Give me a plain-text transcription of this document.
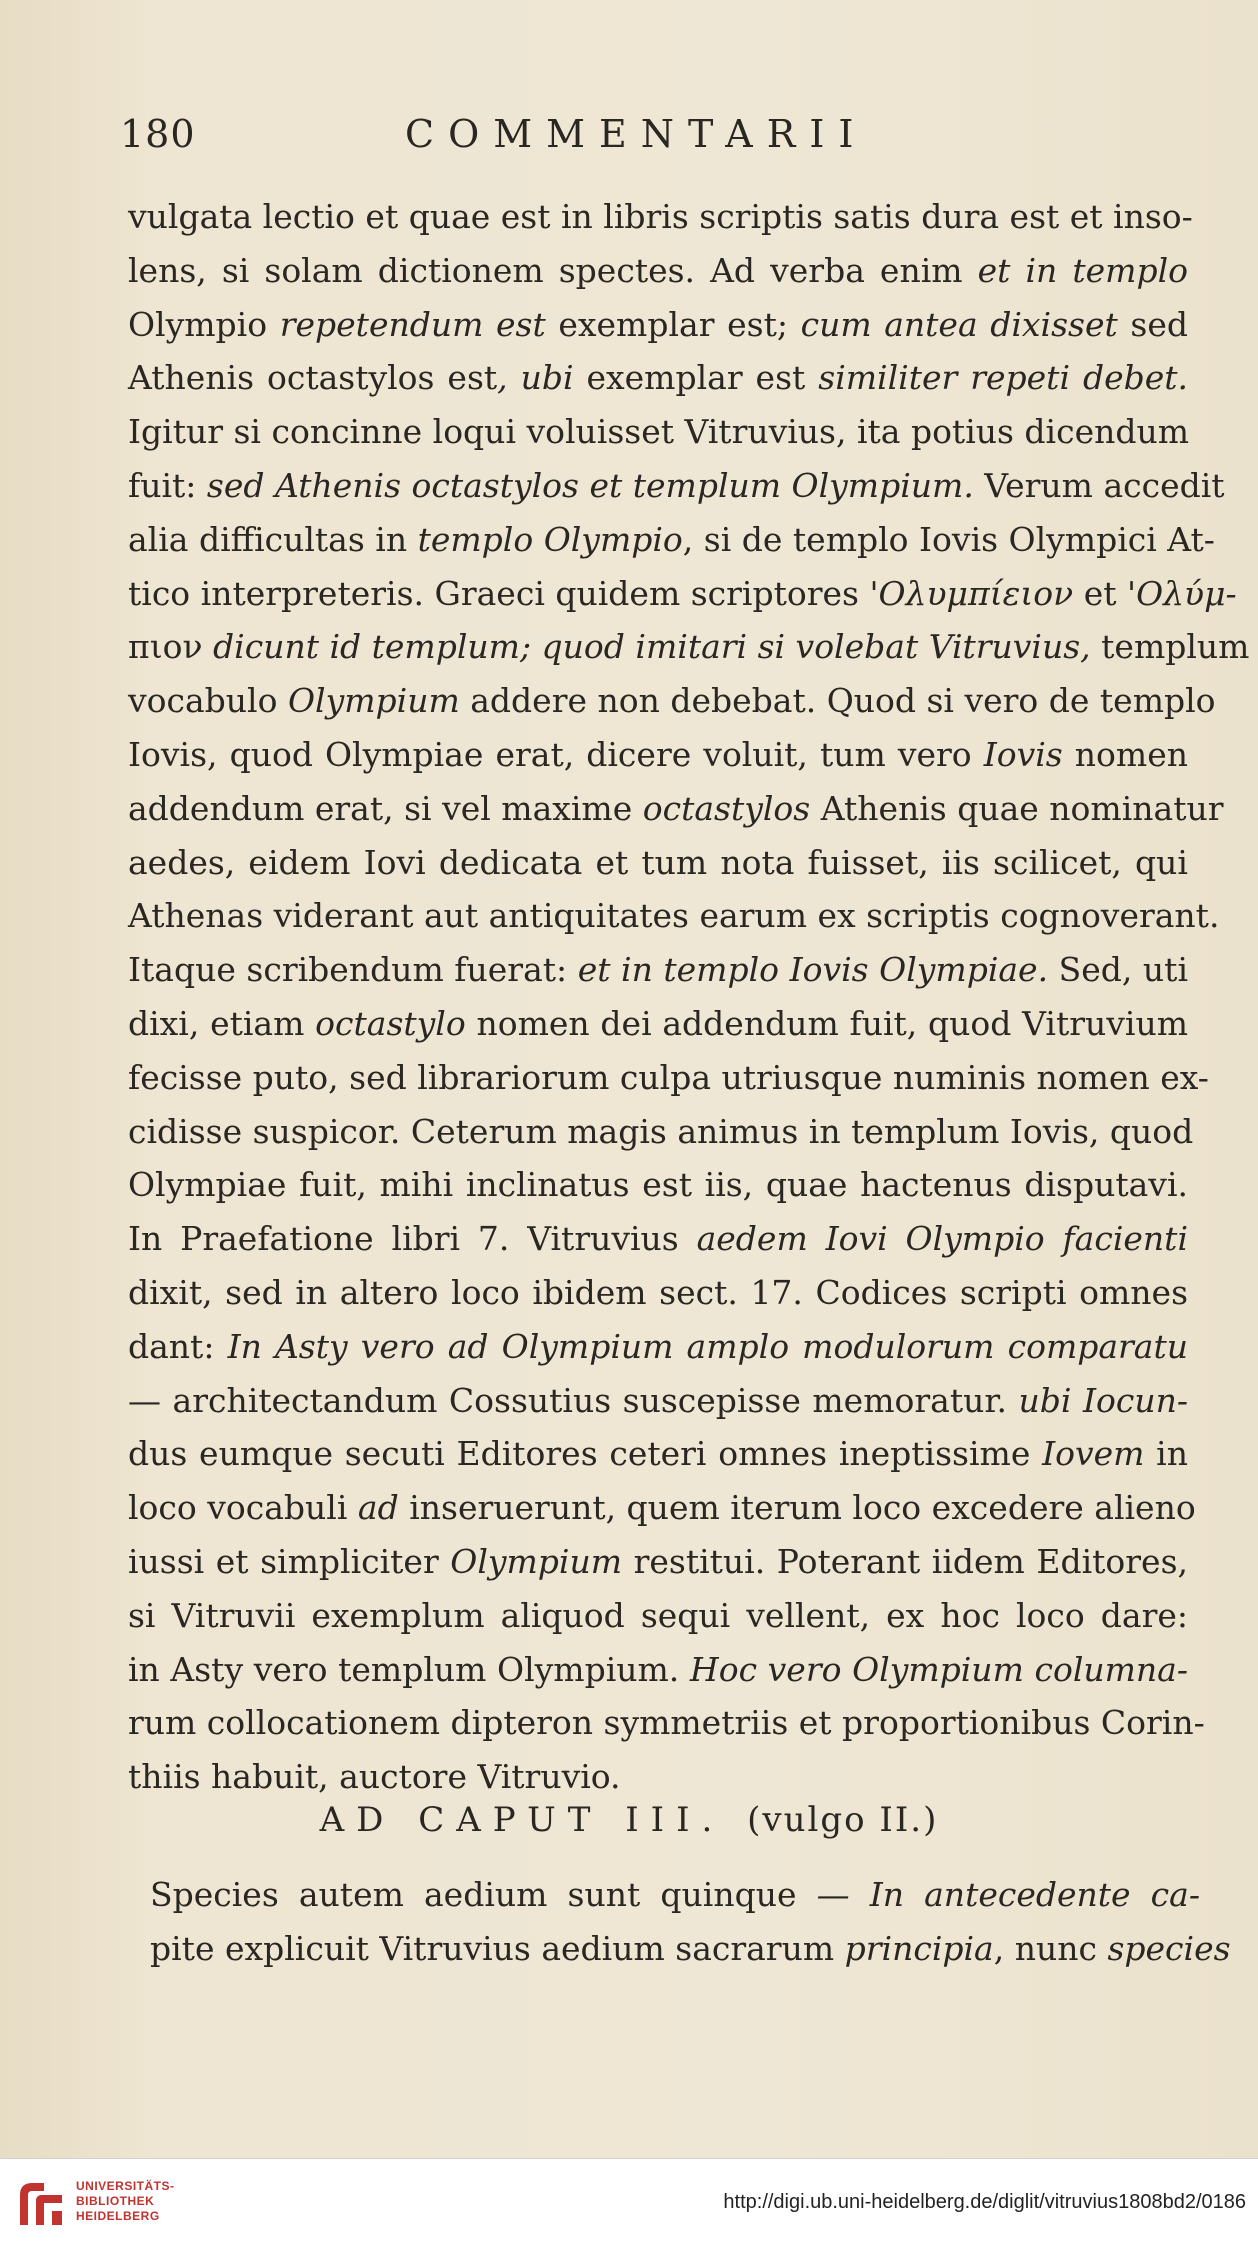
180	COMMENTARII
vulgata lectio et quae est in libris scriptis satis dura est et inso-
lens, si solam dictionem spectes. Ad verba enim et in templo
Olympio repetendum est exemplar est; cum antea dixisset sed
Athenis octastylos est, ubi exemplar est similiter repeti debet.
Igitur si concinne loqui voluisset Vitruvius, ita potius dicendum
fuit: sed Athenis octastylos et templum Olympium. Verum accedit
alia difficultas in templo Olympio, si de templo Iovis Olympici At-
tico interpreteris. Graeci quidem scriptores 'Ολυμπίειον et 'Ολύμ-
πιον dicunt id templum; quod imitari si volebat Vitruvius, templum
vocabulo Olympium addere non debebat. Quod si vero de templo
Iovis, quod Olympiae erat, dicere voluit, tum vero Iovis nomen
addendum erat, si vel maxime octastylos Athenis quae nominatur
aedes, eidem Iovi dedicata et tum nota fuisset, iis scilicet, qui
Athenas viderant aut antiquitates earum ex scriptis cognoverant.
Itaque scribendum fuerat: et in templo Iovis Olympiae. Sed, uti
dixi, etiam octastylo nomen dei addendum fuit, quod Vitruvium
fecisse puto, sed librariorum culpa utriusque numinis nomen ex-
cidisse suspicor. Ceterum magis animus in templum Iovis, quod
Olympiae fuit, mihi inclinatus est iis, quae hactenus disputavi.
In Praefatione libri 7. Vitruvius aedem Iovi Olympio facienti
dixit, sed in altero loco ibidem sect. 17. Codices scripti omnes
dant: In Asty vero ad Olympium amplo modulorum comparatu
— architectandum Cossutius suscepisse memoratur. ubi Iocun-
dus eumque secuti Editores ceteri omnes ineptissime Iovem in
loco vocabuli ad inseruerunt, quem iterum loco excedere alieno
iussi et simpliciter Olympium restitui. Poterant iidem Editores,
si Vitruvii exemplum aliquod sequi vellent, ex hoc loco dare:
in Asty vero templum Olympium. Hoc vero Olympium columna-
rum collocationem dipteron symmetriis et proportionibus Corin-
thiis habuit, auctore Vitruvio.
AD CAPUT III. (vulgo II.)
Species autem aedium sunt quinque — In antecedente ca-
pite explicuit Vitruvius aedium sacrarum principia, nunc species
UNIVERSITÄTS-
BIBLIOTHEK
HEIDELBERG
http://digi.ub.uni-heidelberg.de/diglit/vitruvius1808bd2/0186
